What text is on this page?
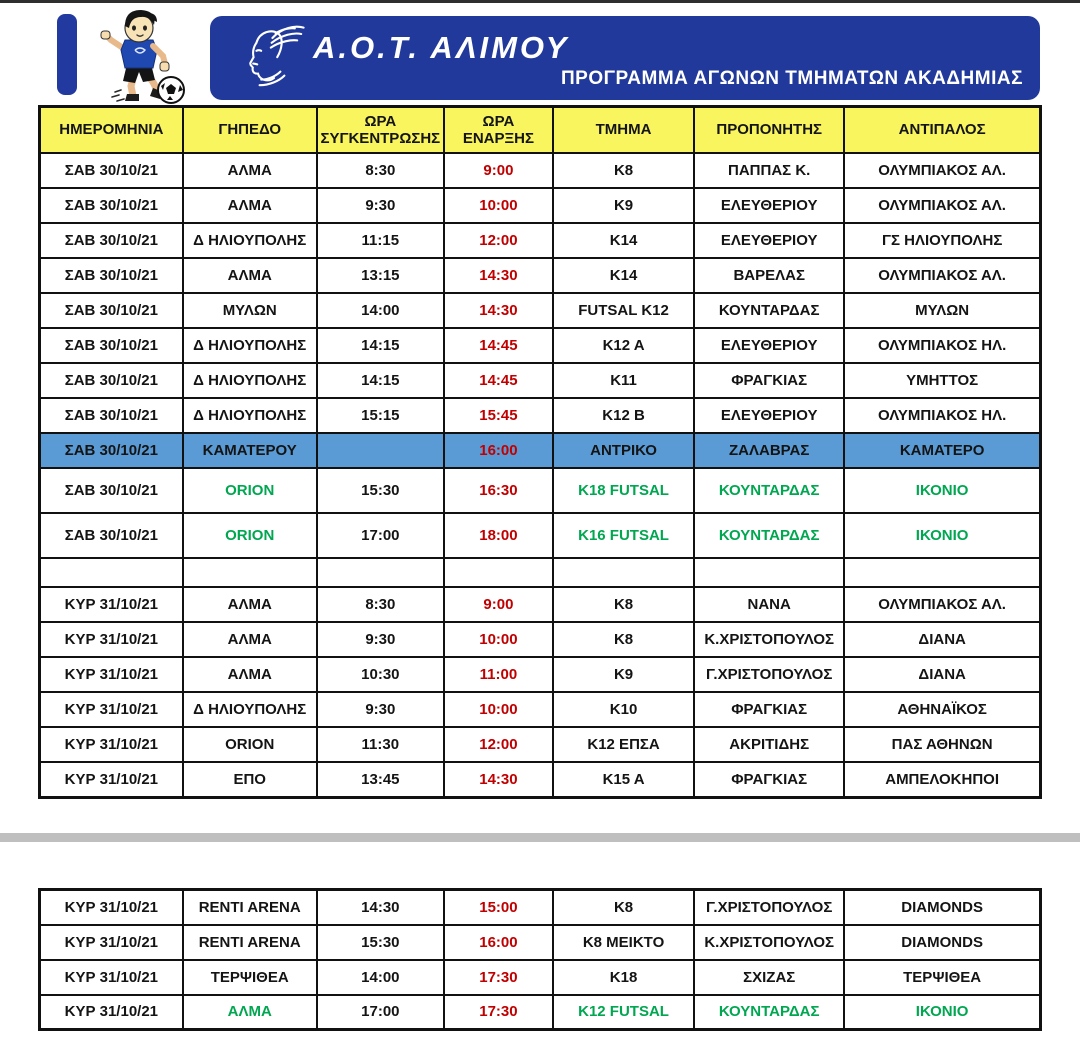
Α.Ο.Τ. ΑΛΙΜΟΥ
ΠΡΟΓΡΑΜΜΑ ΑΓΩΝΩΝ ΤΜΗΜΑΤΩΝ ΑΚΑΔΗΜΙΑΣ
ΗΜΕΡΟΜΗΝΙΑ	ΓΗΠΕΔΟ	ΩΡΑ ΣΥΓΚΕΝΤΡΩΣΗΣ	ΩΡΑ ΕΝΑΡΞΗΣ	ΤΜΗΜΑ	ΠΡΟΠΟΝΗΤΗΣ	ΑΝΤΙΠΑΛΟΣ
ΣΑΒ 30/10/21	ΑΛΜΑ	8:30	9:00	Κ8	ΠΑΠΠΑΣ Κ.	ΟΛΥΜΠΙΑΚΟΣ ΑΛ.
ΣΑΒ 30/10/21	ΑΛΜΑ	9:30	10:00	Κ9	ΕΛΕΥΘΕΡΙΟΥ	ΟΛΥΜΠΙΑΚΟΣ ΑΛ.
ΣΑΒ 30/10/21	Δ ΗΛΙΟΥΠΟΛΗΣ	11:15	12:00	Κ14	ΕΛΕΥΘΕΡΙΟΥ	ΓΣ ΗΛΙΟΥΠΟΛΗΣ
ΣΑΒ 30/10/21	ΑΛΜΑ	13:15	14:30	Κ14	ΒΑΡΕΛΑΣ	ΟΛΥΜΠΙΑΚΟΣ ΑΛ.
ΣΑΒ 30/10/21	ΜΥΛΩΝ	14:00	14:30	FUTSAL Κ12	ΚΟΥΝΤΑΡΔΑΣ	ΜΥΛΩΝ
ΣΑΒ 30/10/21	Δ ΗΛΙΟΥΠΟΛΗΣ	14:15	14:45	Κ12 Α	ΕΛΕΥΘΕΡΙΟΥ	ΟΛΥΜΠΙΑΚΟΣ ΗΛ.
ΣΑΒ 30/10/21	Δ ΗΛΙΟΥΠΟΛΗΣ	14:15	14:45	Κ11	ΦΡΑΓΚΙΑΣ	ΥΜΗΤΤΟΣ
ΣΑΒ 30/10/21	Δ ΗΛΙΟΥΠΟΛΗΣ	15:15	15:45	Κ12 Β	ΕΛΕΥΘΕΡΙΟΥ	ΟΛΥΜΠΙΑΚΟΣ ΗΛ.
ΣΑΒ 30/10/21	ΚΑΜΑΤΕΡΟΥ		16:00	ΑΝΤΡΙΚΟ	ΖΑΛΑΒΡΑΣ	ΚΑΜΑΤΕΡΟ
ΣΑΒ 30/10/21	ORION	15:30	16:30	Κ18 FUTSAL	ΚΟΥΝΤΑΡΔΑΣ	ΙΚΟΝΙΟ
ΣΑΒ 30/10/21	ORION	17:00	18:00	Κ16 FUTSAL	ΚΟΥΝΤΑΡΔΑΣ	ΙΚΟΝΙΟ

ΚΥΡ 31/10/21	ΑΛΜΑ	8:30	9:00	Κ8	ΝΑΝΑ	ΟΛΥΜΠΙΑΚΟΣ ΑΛ.
ΚΥΡ 31/10/21	ΑΛΜΑ	9:30	10:00	Κ8	Κ.ΧΡΙΣΤΟΠΟΥΛΟΣ	ΔΙΑΝΑ
ΚΥΡ 31/10/21	ΑΛΜΑ	10:30	11:00	Κ9	Γ.ΧΡΙΣΤΟΠΟΥΛΟΣ	ΔΙΑΝΑ
ΚΥΡ 31/10/21	Δ ΗΛΙΟΥΠΟΛΗΣ	9:30	10:00	Κ10	ΦΡΑΓΚΙΑΣ	ΑΘΗΝΑΪΚΟΣ
ΚΥΡ 31/10/21	ORION	11:30	12:00	Κ12 ΕΠΣΑ	ΑΚΡΙΤΙΔΗΣ	ΠΑΣ ΑΘΗΝΩΝ
ΚΥΡ 31/10/21	ΕΠΟ	13:45	14:30	Κ15 Α	ΦΡΑΓΚΙΑΣ	ΑΜΠΕΛΟΚΗΠΟΙ
ΚΥΡ 31/10/21	RENTI ARENA	14:30	15:00	Κ8	Γ.ΧΡΙΣΤΟΠΟΥΛΟΣ	DIAMONDS
ΚΥΡ 31/10/21	RENTI ARENA	15:30	16:00	Κ8 ΜΕΙΚΤΟ	Κ.ΧΡΙΣΤΟΠΟΥΛΟΣ	DIAMONDS
ΚΥΡ 31/10/21	ΤΕΡΨΙΘΕΑ	14:00	17:30	Κ18	ΣΧΙΖΑΣ	ΤΕΡΨΙΘΕΑ
ΚΥΡ 31/10/21	ΑΛΜΑ	17:00	17:30	Κ12 FUTSAL	ΚΟΥΝΤΑΡΔΑΣ	ΙΚΟΝΙΟ
